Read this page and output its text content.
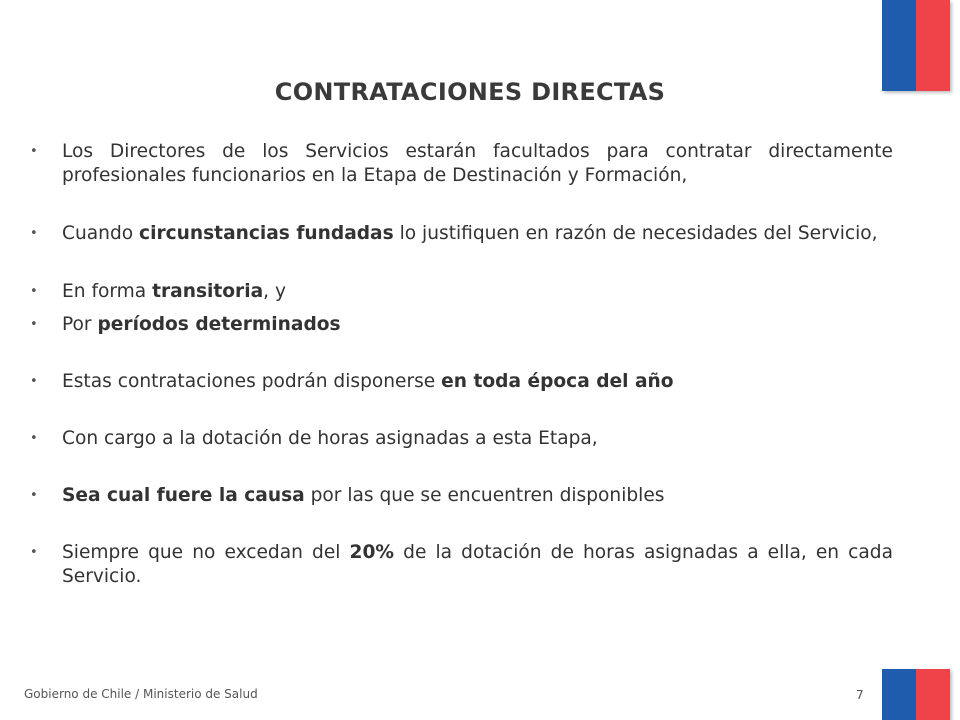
CONTRATACIONES DIRECTAS
• Los Directores de los Servicios estarán facultados para contratar directamente profesionales funcionarios en la Etapa de Destinación y Formación,
• Cuando circunstancias fundadas lo justifiquen en razón de necesidades del Servicio,
• En forma transitoria, y
• Por períodos determinados
• Estas contrataciones podrán disponerse en toda época del año
• Con cargo a la dotación de horas asignadas a esta Etapa,
• Sea cual fuere la causa por las que se encuentren disponibles
• Siempre que no excedan del 20% de la dotación de horas asignadas a ella, en cada Servicio.
Gobierno de Chile / Ministerio de Salud	7
